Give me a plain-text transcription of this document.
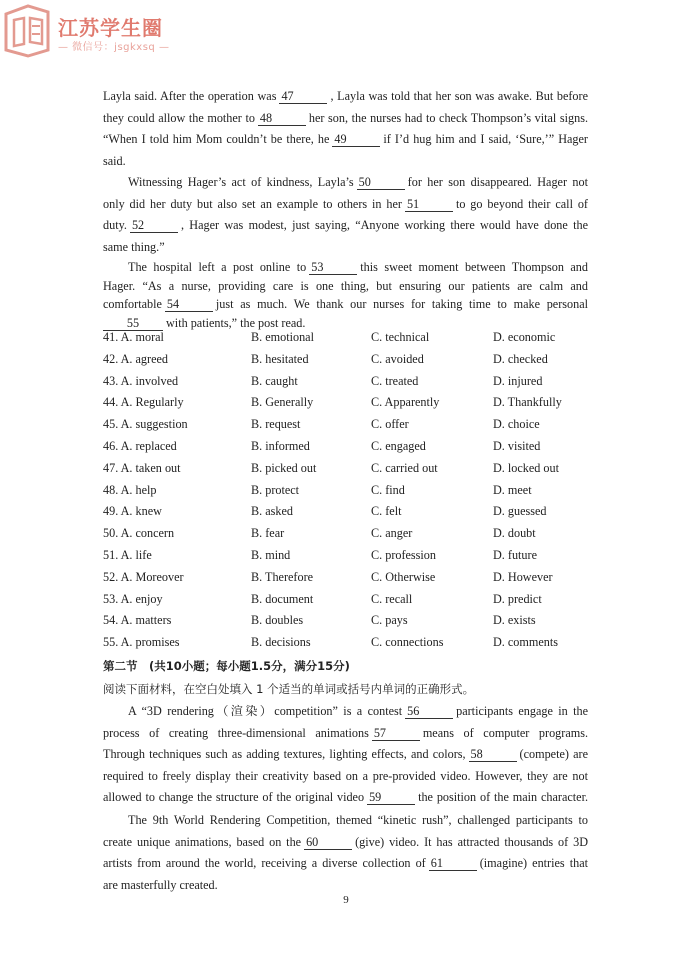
江苏学生圈
— 微信号：jsgkxsq —
Layla said. After the operation was 47	, Layla was told that her son was awake. But before
they could allow the mother to 48	her son, the nurses had to check Thompson’s vital signs.
“When I told him Mom couldn’t be there, he 49	if I’d hug him and I said, ‘Sure,’” Hager
said.
Witnessing Hager’s act of kindness, Layla’s 50	for her son disappeared. Hager not
only did her duty but also set an example to others in her 51	to go beyond their call of
duty. 52	, Hager was modest, just saying, “Anyone working there would have done the
same thing.”
The hospital left a post online to 53	this sweet moment between Thompson and
Hager. “As a nurse, providing care is one thing, but ensuring our patients are calm and
comfortable 54	just as much. We thank our nurses for taking time to make personal
55 with patients,” the post read.
41. A. moral	B. emotional	C. technical	D. economic
42. A. agreed	B. hesitated	C. avoided	D. checked
43. A. involved	B. caught	C. treated	D. injured
44. A. Regularly	B. Generally	C. Apparently	D. Thankfully
45. A. suggestion	B. request	C. offer	D. choice
46. A. replaced	B. informed	C. engaged	D. visited
47. A. taken out	B. picked out	C. carried out	D. locked out
48. A. help	B. protect	C. find	D. meet
49. A. knew	B. asked	C. felt	D. guessed
50. A. concern	B. fear	C. anger	D. doubt
51. A. life	B. mind	C. profession	D. future
52. A. Moreover	B. Therefore	C. Otherwise	D. However
53. A. enjoy	B. document	C. recall	D. predict
54. A. matters	B. doubles	C. pays	D. exists
55. A. promises	B. decisions	C. connections	D. comments
第二节　(共10小题；每小题1.5分，满分15分)
阅读下面材料，在空白处填入 1 个适当的单词或括号内单词的正确形式。
A “3D rendering（渲染）competition” is a contest 56	participants engage in the
process of creating three-dimensional animations 57	means of computer programs.
Through techniques such as adding textures, lighting effects, and colors, 58	(compete) are
required to freely display their creativity based on a pre-provided video. However, they are not
allowed to change the structure of the original video 59	the position of the main character.
The 9th World Rendering Competition, themed “kinetic rush”, challenged participants to
create unique animations, based on the 60	(give) video. It has attracted thousands of 3D
artists from around the world, receiving a diverse collection of 61	(imagine) entries that
are masterfully created.
9
